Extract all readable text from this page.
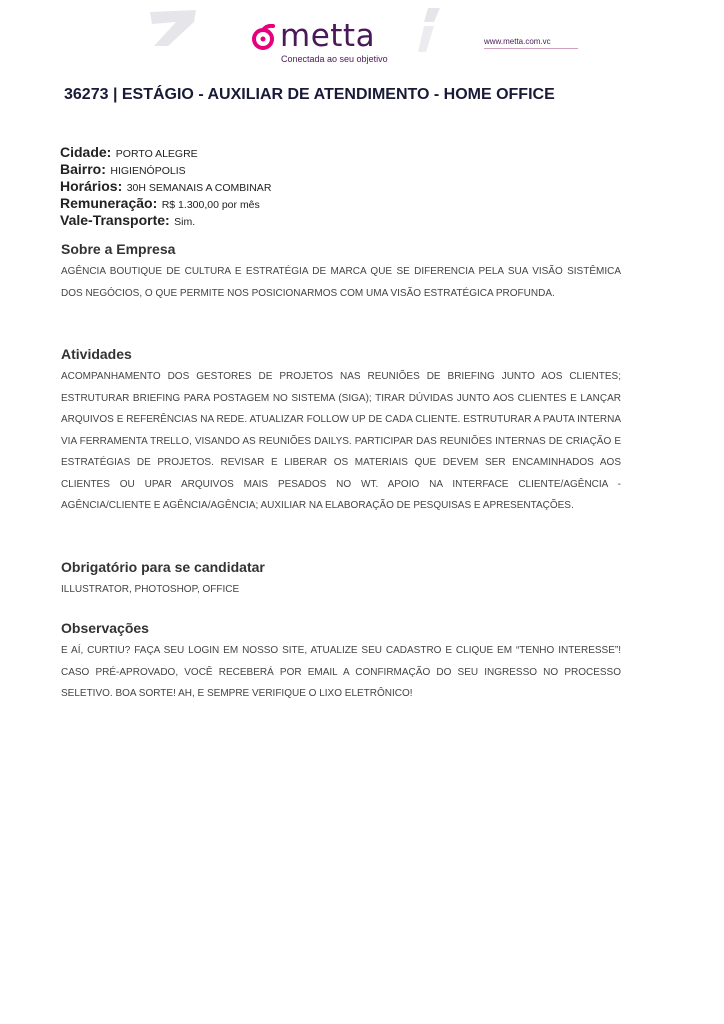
metta
Conectada ao seu objetivo
www.metta.com.vc
36273 | ESTÁGIO - AUXILIAR DE ATENDIMENTO - HOME OFFICE
Cidade: PORTO ALEGRE
Bairro: HIGIENÓPOLIS
Horários: 30H SEMANAIS A COMBINAR
Remuneração: R$ 1.300,00 por mês
Vale-Transporte: Sim.
Sobre a Empresa

AGÊNCIA BOUTIQUE DE CULTURA E ESTRATÉGIA DE MARCA QUE SE DIFERENCIA PELA SUA VISÃO SISTÊMICA DOS NEGÓCIOS, O QUE PERMITE NOS POSICIONARMOS COM UMA VISÃO ESTRATÉGICA PROFUNDA.

Atividades

ACOMPANHAMENTO DOS GESTORES DE PROJETOS NAS REUNIÕES DE BRIEFING JUNTO AOS CLIENTES; ESTRUTURAR BRIEFING PARA POSTAGEM NO SISTEMA (SIGA); TIRAR DÚVIDAS JUNTO AOS CLIENTES E LANÇAR ARQUIVOS E REFERÊNCIAS NA REDE. ATUALIZAR FOLLOW UP DE CADA CLIENTE. ESTRUTURAR A PAUTA INTERNA VIA FERRAMENTA TRELLO, VISANDO AS REUNIÕES DAILYS. PARTICIPAR DAS REUNIÕES INTERNAS DE CRIAÇÃO E ESTRATÉGIAS DE PROJETOS. REVISAR E LIBERAR OS MATERIAIS QUE DEVEM SER ENCAMINHADOS AOS CLIENTES OU UPAR ARQUIVOS MAIS PESADOS NO WT. APOIO NA INTERFACE CLIENTE/AGÊNCIA - AGÊNCIA/CLIENTE E AGÊNCIA/AGÊNCIA; AUXILIAR NA ELABORAÇÃO DE PESQUISAS E APRESENTAÇÕES.

Obrigatório para se candidatar

ILLUSTRATOR, PHOTOSHOP, OFFICE

Observações

E AÍ, CURTIU? FAÇA SEU LOGIN EM NOSSO SITE, ATUALIZE SEU CADASTRO E CLIQUE EM “TENHO INTERESSE”! CASO PRÉ-APROVADO, VOCÊ RECEBERÁ POR EMAIL A CONFIRMAÇÃO DO SEU INGRESSO NO PROCESSO SELETIVO. BOA SORTE! AH, E SEMPRE VERIFIQUE O LIXO ELETRÔNICO!
